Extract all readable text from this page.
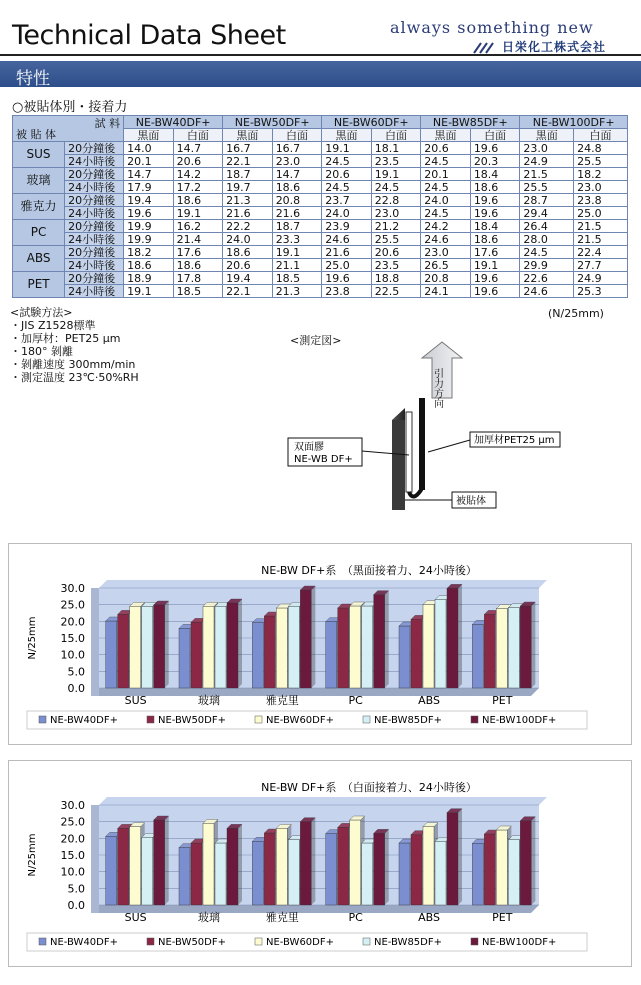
Technical Data Sheet	always something new
日栄化工株式会社
特性
○被貼体別・接着力
試 料
被 貼 体		NE-BW40DF+		NE-BW50DF+		NE-BW60DF+		NE-BW85DF+		NE-BW100DF+	
		黒面	白面	黒面	白面	黒面	白面	黒面	白面	黒面	白面
SUS	20分鐘後	14.0	14.7	16.7	16.7	19.1	18.1	20.6	19.6	23.0	24.8
	24小時後	20.1	20.6	22.1	23.0	24.5	23.5	24.5	20.3	24.9	25.5
玻璃	20分鐘後	14.7	14.2	18.7	14.7	20.6	19.1	20.1	18.4	21.5	18.2
	24小時後	17.9	17.2	19.7	18.6	24.5	24.5	24.5	18.6	25.5	23.0
雅克力	20分鐘後	19.4	18.6	21.3	20.8	23.7	22.8	24.0	19.6	28.7	23.8
	24小時後	19.6	19.1	21.6	21.6	24.0	23.0	24.5	19.6	29.4	25.0
PC	20分鐘後	19.9	16.2	22.2	18.7	23.9	21.2	24.2	18.4	26.4	21.5
	24小時後	19.9	21.4	24.0	23.3	24.6	25.5	24.6	18.6	28.0	21.5
ABS	20分鐘後	18.2	17.6	18.6	19.1	21.6	20.6	23.0	17.6	24.5	22.4
	24小時後	18.6	18.6	20.6	21.1	25.0	23.5	26.5	19.1	29.9	27.7
PET	20分鐘後	18.9	17.8	19.4	18.5	19.6	18.8	20.8	19.6	22.6	24.9
	24小時後	19.1	18.5	22.1	21.3	23.8	22.5	24.1	19.6	24.6	25.3
(N/25mm)
<試験方法>
・JIS Z1528標準
・加厚材：PET25 μm
・180° 剝離
・剝離速度 300mm/min
・測定温度 23℃·50%RH
<測定図>
引力方向
双面膠
NE-WB DF+
加厚材PET25 μm
被貼体
NE-BW DF+系　（黑面接着力、24小時後）
0.0
5.0
10.0
15.0
20.0
25.0
30.0
N/25mm
SUS	玻璃	雅克里	PC	ABS	PET
NE-BW40DF+	NE-BW50DF+	NE-BW60DF+	NE-BW85DF+	NE-BW100DF+
NE-BW DF+系　（白面接着力、24小時後）
0.0
5.0
10.0
15.0
20.0
25.0
30.0
N/25mm
SUS	玻璃	雅克里	PC	ABS	PET
NE-BW40DF+	NE-BW50DF+	NE-BW60DF+	NE-BW85DF+	NE-BW100DF+
